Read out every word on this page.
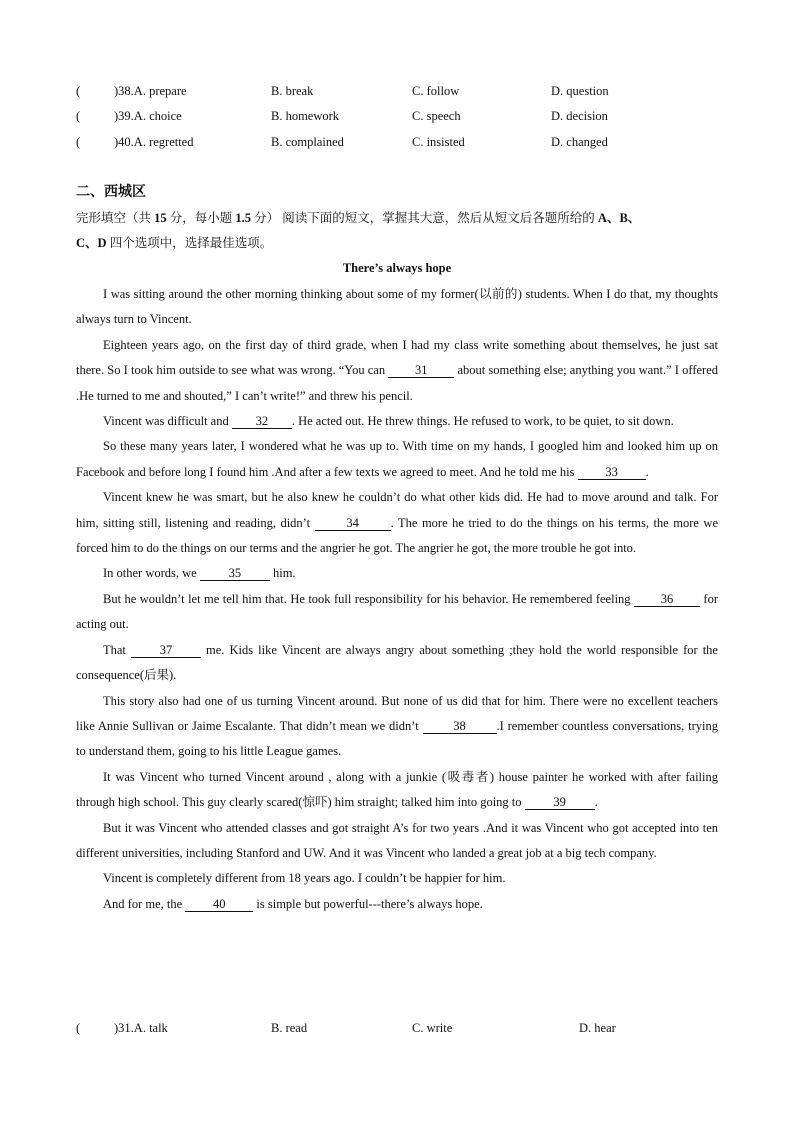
(	)38.A. prepare	B. break	C. follow	D. question
(	)39.A. choice	B. homework	C. speech	D. decision
(	)40.A. regretted	B. complained	C. insisted	D. changed
二、西城区
完形填空（共 15 分，每小题 1.5 分） 阅读下面的短文，掌握其大意，然后从短文后各题所给的 A、B、
C、D 四个选项中，选择最佳选项。
There’s always hope

I was sitting around the other morning thinking about some of my former(以前的) students. When I do that, my thoughts always turn to Vincent.

Eighteen years ago, on the first day of third grade, when I had my class write something about themselves, he just sat there. So I took him outside to see what was wrong. “You can 31 about something else; anything you want.” I offered .He turned to me and shouted,” I can’t write!” and threw his pencil.

Vincent was difficult and 32 . He acted out. He threw things. He refused to work, to be quiet, to sit down.

So these many years later, I wondered what he was up to. With time on my hands, I googled him and looked him up on Facebook and before long I found him .And after a few texts we agreed to meet. And he told me his 33 .

Vincent knew he was smart, but he also knew he couldn’t do what other kids did. He had to move around and talk. For him, sitting still, listening and reading, didn’t	34	. The more he tried to do the things on his terms, the more we forced him to do the things on our terms and the angrier he got. The angrier he got, the more trouble he got into.

In other words, we 35 him.

But he wouldn’t let me tell him that. He took full responsibility for his behavior. He remembered feeling 36 for acting out.

That 37 me. Kids like Vincent are always angry about something ;they hold the world responsible for the consequence(后果).

This story also had one of us turning Vincent around. But none of us did that for him. There were no excellent teachers like Annie Sullivan or Jaime Escalante. That didn’t mean we didn’t 38 .I remember countless conversations, trying to understand them, going to his little League games.

It was Vincent who turned Vincent around , along with a junkie (吸毒者) house painter he worked with after failing through high school. This guy clearly scared(惊吓) him straight; talked him into going to 39 .

But it was Vincent who attended classes and got straight A’s for two years .And it was Vincent who got accepted into ten different universities, including Stanford and UW. And it was Vincent who landed a great job at a big tech company.

Vincent is completely different from 18 years ago. I couldn’t be happier for him.

And for me, the 40 is simple but powerful---there’s always hope.

(	)31.A. talk	B. read	C. write	D. hear
